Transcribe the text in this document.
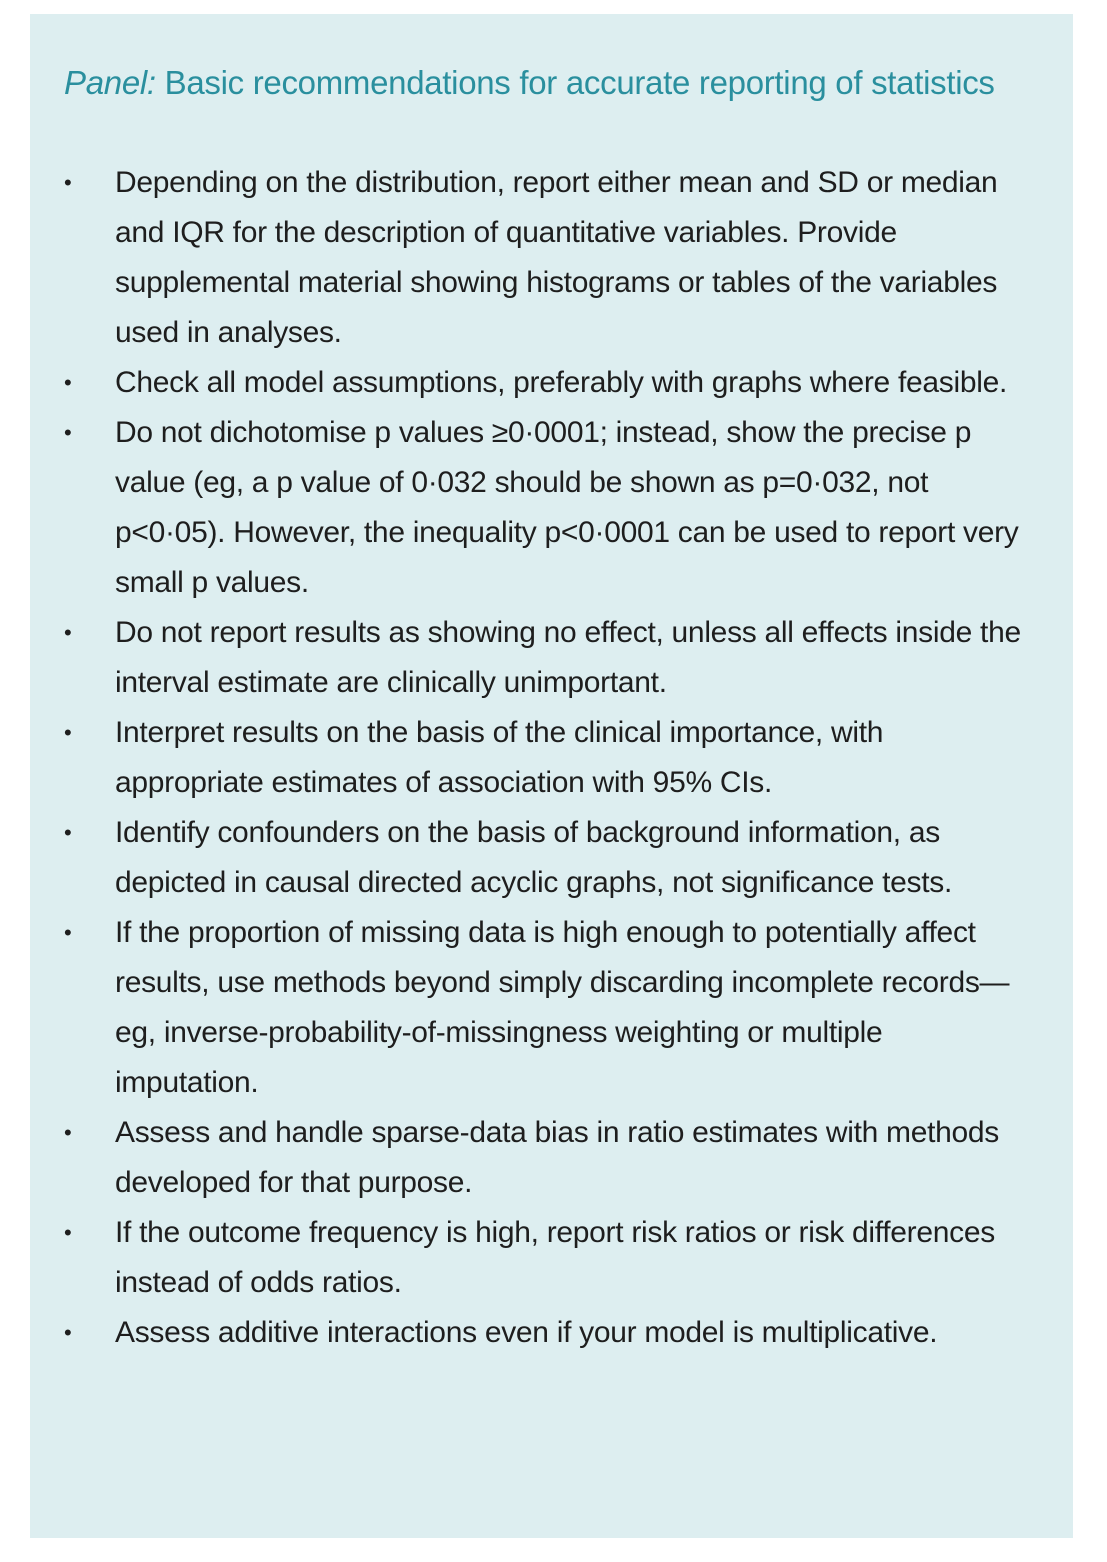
Panel: Basic recommendations for accurate reporting of statistics
•	Depending on the distribution, report either mean and SD or median and IQR for the description of quantitative variables. Provide supplemental material showing histograms or tables of the variables used in analyses.
•	Check all model assumptions, preferably with graphs where feasible.
•	Do not dichotomise p values ≥0·0001; instead, show the precise p value (eg, a p value of 0·032 should be shown as p=0·032, not p<0·05). However, the inequality p<0·0001 can be used to report very small p values.
•	Do not report results as showing no effect, unless all effects inside the interval estimate are clinically unimportant.
•	Interpret results on the basis of the clinical importance, with appropriate estimates of association with 95% CIs.
•	Identify confounders on the basis of background information, as depicted in causal directed acyclic graphs, not significance tests.
•	If the proportion of missing data is high enough to potentially affect results, use methods beyond simply discarding incomplete records—eg, inverse-probability-of-missingness weighting or multiple imputation.
•	Assess and handle sparse-data bias in ratio estimates with methods developed for that purpose.
•	If the outcome frequency is high, report risk ratios or risk differences instead of odds ratios.
•	Assess additive interactions even if your model is multiplicative.
